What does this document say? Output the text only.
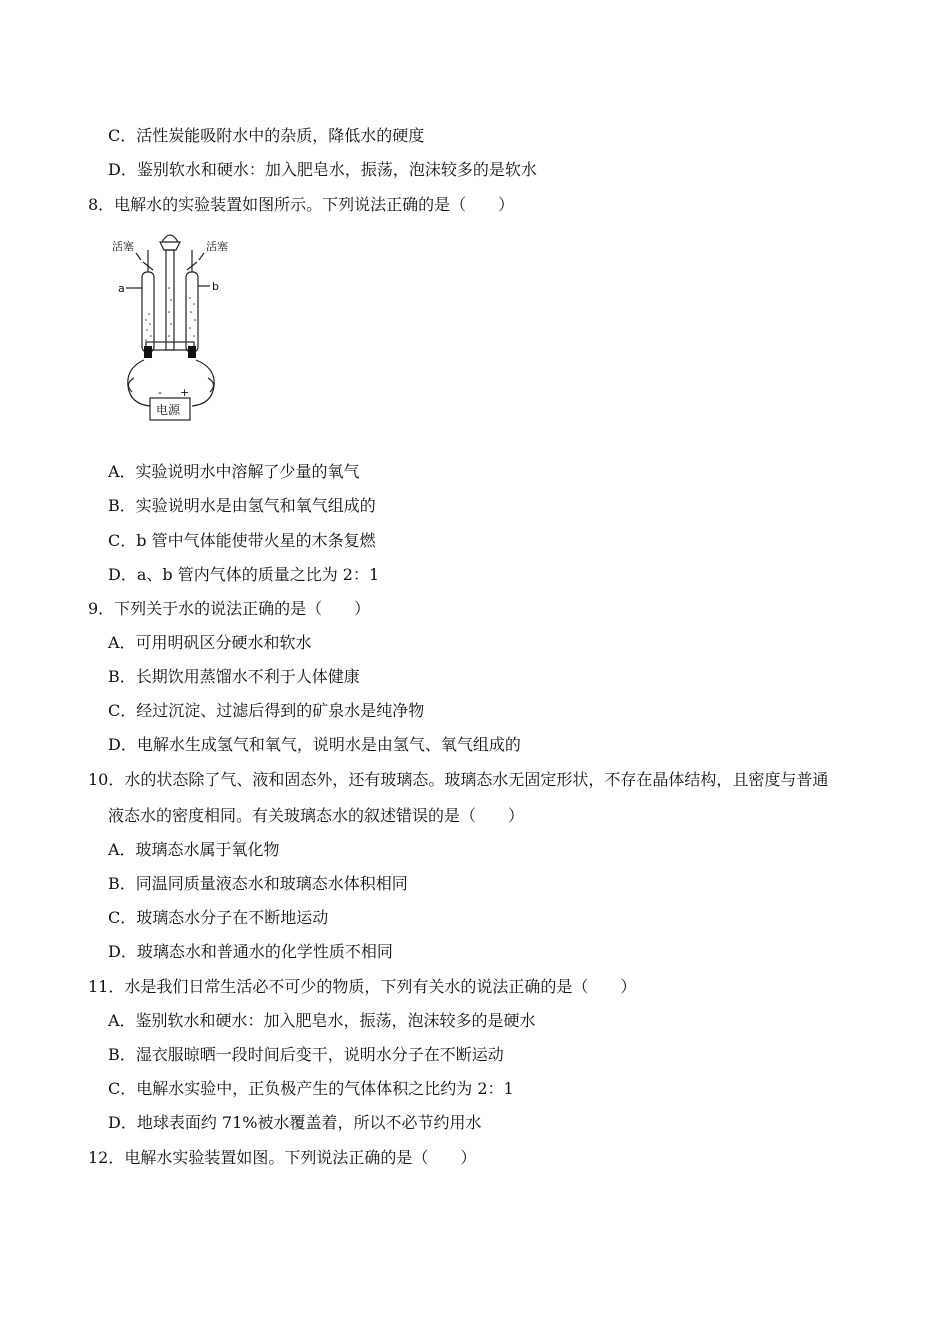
C．活性炭能吸附水中的杂质，降低水的硬度
D．鉴别软水和硬水：加入肥皂水，振荡，泡沫较多的是软水
8．电解水的实验装置如图所示。下列说法正确的是（　　）
活塞	活塞
a	b
- +
电源
A．实验说明水中溶解了少量的氧气
B．实验说明水是由氢气和氧气组成的
C．b 管中气体能使带火星的木条复燃
D．a、b 管内气体的质量之比为 2：1
9．下列关于水的说法正确的是（　　）
A．可用明矾区分硬水和软水
B．长期饮用蒸馏水不利于人体健康
C．经过沉淀、过滤后得到的矿泉水是纯净物
D．电解水生成氢气和氧气，说明水是由氢气、氧气组成的
10．水的状态除了气、液和固态外，还有玻璃态。玻璃态水无固定形状，不存在晶体结构，且密度与普通
液态水的密度相同。有关玻璃态水的叙述错误的是（　　）
A．玻璃态水属于氧化物
B．同温同质量液态水和玻璃态水体积相同
C．玻璃态水分子在不断地运动
D．玻璃态水和普通水的化学性质不相同
11．水是我们日常生活必不可少的物质，下列有关水的说法正确的是（　　）
A．鉴别软水和硬水：加入肥皂水，振荡，泡沫较多的是硬水
B．湿衣服晾晒一段时间后变干，说明水分子在不断运动
C．电解水实验中，正负极产生的气体体积之比约为 2：1
D．地球表面约 71%被水覆盖着，所以不必节约用水
12．电解水实验装置如图。下列说法正确的是（　　）
